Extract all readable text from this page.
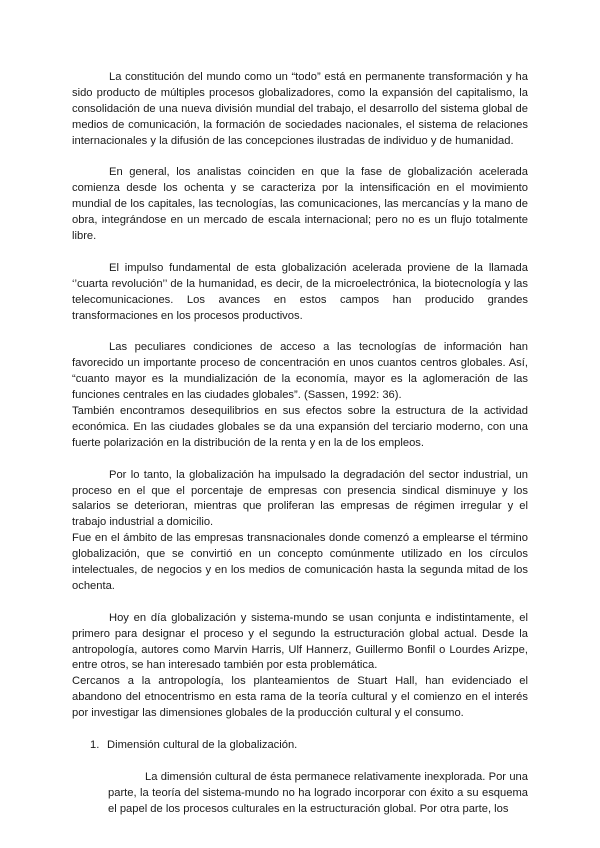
La constitución del mundo como un “todo” está en permanente transformación y ha sido producto de múltiples procesos globalizadores, como la expansión del capitalismo, la consolidación de una nueva división mundial del trabajo, el desarrollo del sistema global de medios de comunicación, la formación de sociedades nacionales, el sistema de relaciones internacionales y la difusión de las concepciones ilustradas de individuo y de humanidad.

En general, los analistas coinciden en que la fase de globalización acelerada comienza desde los ochenta y se caracteriza por la intensificación en el movimiento mundial de los capitales, las tecnologías, las comunicaciones, las mercancías y la mano de obra, integrándose en un mercado de escala internacional; pero no es un flujo totalmente libre.

El impulso fundamental de esta globalización acelerada proviene de la llamada ‘’cuarta revolución’’ de la humanidad, es decir, de la microelectrónica, la biotecnología y las telecomunicaciones. Los avances en estos campos han producido grandes transformaciones en los procesos productivos.

Las peculiares condiciones de acceso a las tecnologías de información han favorecido un importante proceso de concentración en unos cuantos centros globales. Así, “cuanto mayor es la mundialización de la economía, mayor es la aglomeración de las funciones centrales en las ciudades globales”. (Sassen, 1992: 36).

También encontramos desequilibrios en sus efectos sobre la estructura de la actividad económica. En las ciudades globales se da una expansión del terciario moderno, con una fuerte polarización en la distribución de la renta y en la de los empleos.

Por lo tanto, la globalización ha impulsado la degradación del sector industrial, un proceso en el que el porcentaje de empresas con presencia sindical disminuye y los salarios se deterioran, mientras que proliferan las empresas de régimen irregular y el trabajo industrial a domicilio.

Fue en el ámbito de las empresas transnacionales donde comenzó a emplearse el término globalización, que se convirtió en un concepto comúnmente utilizado en los círculos intelectuales, de negocios y en los medios de comunicación hasta la segunda mitad de los ochenta.

Hoy en día globalización y sistema-mundo se usan conjunta e indistintamente, el primero para designar el proceso y el segundo la estructuración global actual. Desde la antropología, autores como Marvin Harris, Ulf Hannerz, Guillermo Bonfil o Lourdes Arizpe, entre otros, se han interesado también por esta problemática.

Cercanos a la antropología, los planteamientos de Stuart Hall, han evidenciado el abandono del etnocentrismo en esta rama de la teoría cultural y el comienzo en el interés por investigar las dimensiones globales de la producción cultural y el consumo.

1. Dimensión cultural de la globalización.

La dimensión cultural de ésta permanece relativamente inexplorada. Por una parte, la teoría del sistema-mundo no ha logrado incorporar con éxito a su esquema el papel de los procesos culturales en la estructuración global. Por otra parte, los
